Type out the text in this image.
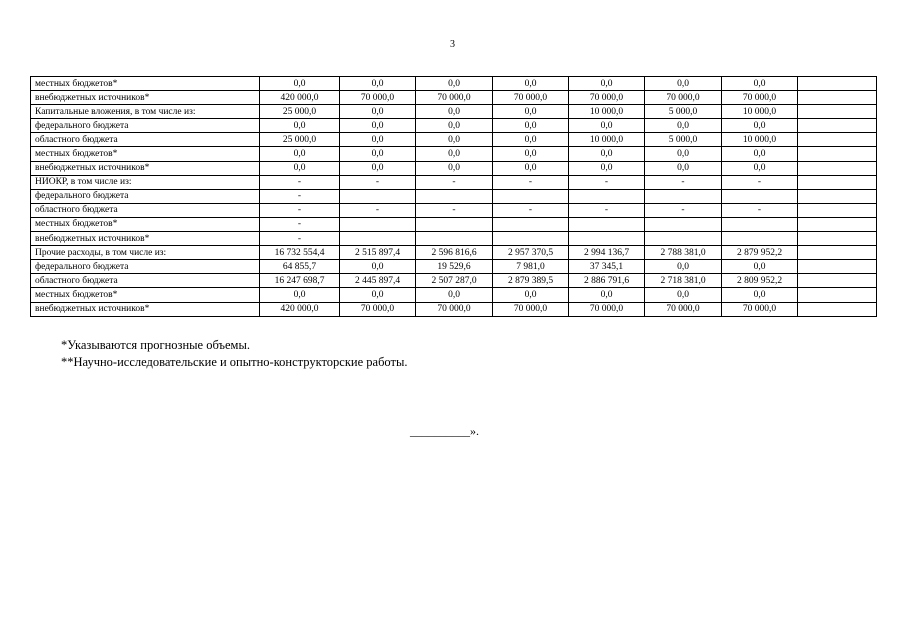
3
местных бюджетов*	0,0	0,0	0,0	0,0	0,0	0,0	0,0	
внебюджетных источников*	420 000,0	70 000,0	70 000,0	70 000,0	70 000,0	70 000,0	70 000,0	
Капитальные вложения, в том числе из:	25 000,0	0,0	0,0	0,0	10 000,0	5 000,0	10 000,0	
федерального бюджета	0,0	0,0	0,0	0,0	0,0	0,0	0,0	
областного бюджета	25 000,0	0,0	0,0	0,0	10 000,0	5 000,0	10 000,0	
местных бюджетов*	0,0	0,0	0,0	0,0	0,0	0,0	0,0	
внебюджетных источников*	0,0	0,0	0,0	0,0	0,0	0,0	0,0	
НИОКР, в том числе из:	-	-	-	-	-	-	-	
федерального бюджета	-							
областного бюджета	-	-	-	-	-	-	-	
местных бюджетов*	-							
внебюджетных источников*	-							
Прочие расходы, в том числе из:	16 732 554,4	2 515 897,4	2 596 816,6	2 957 370,5	2 994 136,7	2 788 381,0	2 879 952,2	
федерального бюджета	64 855,7	0,0	19 529,6	7 981,0	37 345,1	0,0	0,0	
областного бюджета	16 247 698,7	2 445 897,4	2 507 287,0	2 879 389,5	2 886 791,6	2 718 381,0	2 809 952,2	
местных бюджетов*	0,0	0,0	0,0	0,0	0,0	0,0	0,0	
внебюджетных источников*	420 000,0	70 000,0	70 000,0	70 000,0	70 000,0	70 000,0	70 000,0	
*Указываются прогнозные объемы.
**Научно-исследовательские и опытно-конструкторские работы.
__________».
